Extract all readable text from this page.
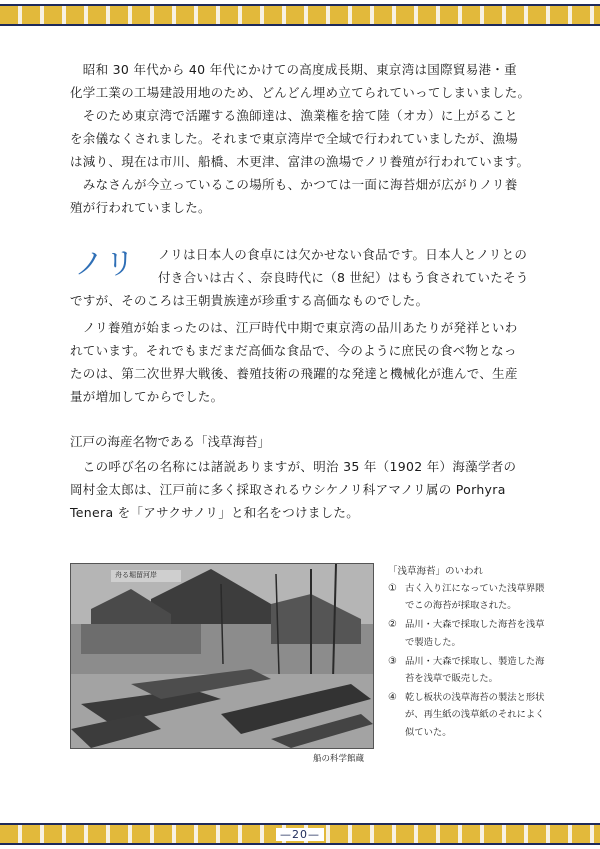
　昭和 30 年代から 40 年代にかけての高度成長期、東京湾は国際貿易港・重
化学工業の工場建設用地のため、どんどん埋め立てられていってしまいました。

　そのため東京湾で活躍する漁師達は、漁業権を捨て陸（オカ）に上がること
を余儀なくされました。それまで東京湾岸で全域で行われていましたが、漁場
は減り、現在は市川、船橋、木更津、富津の漁場でノリ養殖が行われています。

　みなさんが今立っているこの場所も、かつては一面に海苔畑が広がりノリ養
殖が行われていました。

ノリ ノリは日本人の食卓には欠かせない食品です。日本人とノリとの

付き合いは古く、奈良時代に（8 世紀）はもう食されていたそう

ですが、そのころは王朝貴族達が珍重する高価なものでした。

　ノリ養殖が始まったのは、江戸時代中期で東京湾の品川あたりが発祥といわ
れています。それでもまだまだ高価な食品で、今のように庶民の食べ物となっ
たのは、第二次世界大戦後、養殖技術の飛躍的な発達と機械化が進んで、生産
量が増加してからでした。

江戸の海産名物である「浅草海苔」

　この呼び名の名称には諸説ありますが、明治 35 年（1902 年）海藻学者の
岡村金太郎は、江戸前に多く採取されるウシケノリ科アマノリ属の Porhyra
Tenera を「アサクサノリ」と和名をつけました。

舟る堀留河岸

船の科学館蔵

「浅草海苔」のいわれ

① 古く入り江になっていた浅草界隈
でこの海苔が採取された。
② 品川・大森で採取した海苔を浅草
で製造した。
③ 品川・大森で採取し、製造した海
苔を浅草で販売した。
④ 乾し板状の浅草海苔の製法と形状
が、再生紙の浅草紙のそれによく
似ていた。

—20—
